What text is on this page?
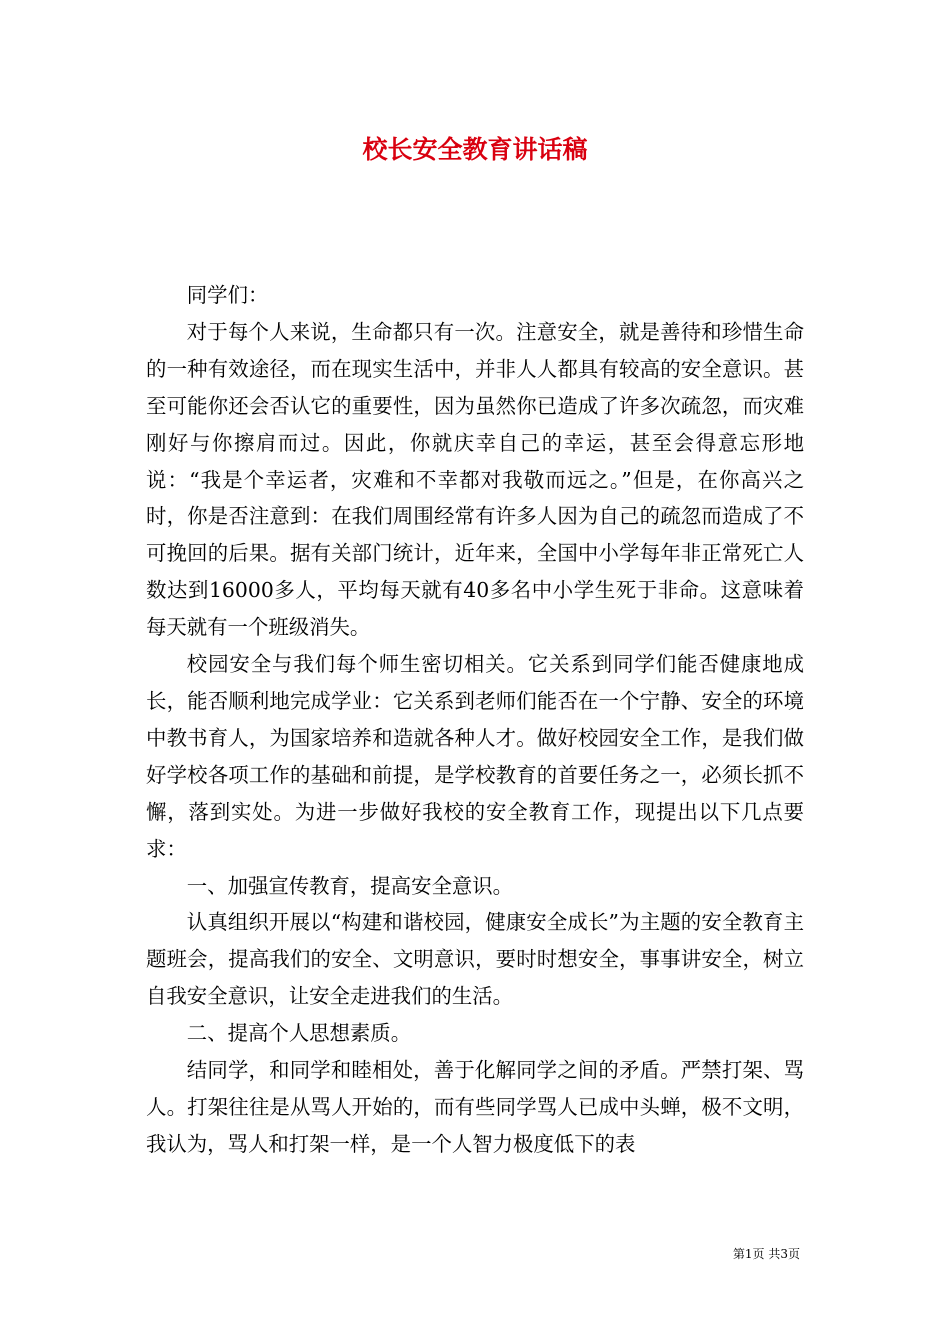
校长安全教育讲话稿

同学们：

对于每个人来说，生命都只有一次。注意安全，就是善待和珍惜生命的一种有效途径，而在现实生活中，并非人人都具有较高的安全意识。甚至可能你还会否认它的重要性，因为虽然你已造成了许多次疏忽，而灾难刚好与你擦肩而过。因此，你就庆幸自己的幸运，甚至会得意忘形地说：“我是个幸运者，灾难和不幸都对我敬而远之。”但是，在你高兴之时，你是否注意到：在我们周围经常有许多人因为自己的疏忽而造成了不可挽回的后果。据有关部门统计，近年来，全国中小学每年非正常死亡人数达到16000多人，平均每天就有40多名中小学生死于非命。这意味着每天就有一个班级消失。

校园安全与我们每个师生密切相关。它关系到同学们能否健康地成长，能否顺利地完成学业：它关系到老师们能否在一个宁静、安全的环境中教书育人，为国家培养和造就各种人才。做好校园安全工作，是我们做好学校各项工作的基础和前提，是学校教育的首要任务之一，必须长抓不懈，落到实处。为进一步做好我校的安全教育工作，现提出以下几点要求：

一、加强宣传教育，提高安全意识。

认真组织开展以“构建和谐校园，健康安全成长”为主题的安全教育主题班会，提高我们的安全、文明意识，要时时想安全，事事讲安全，树立自我安全意识，让安全走进我们的生活。

二、提高个人思想素质。

结同学，和同学和睦相处，善于化解同学之间的矛盾。严禁打架、骂人。打架往往是从骂人开始的，而有些同学骂人已成中头蝉，极不文明，我认为，骂人和打架一样，是一个人智力极度低下的表

第1页 共3页
